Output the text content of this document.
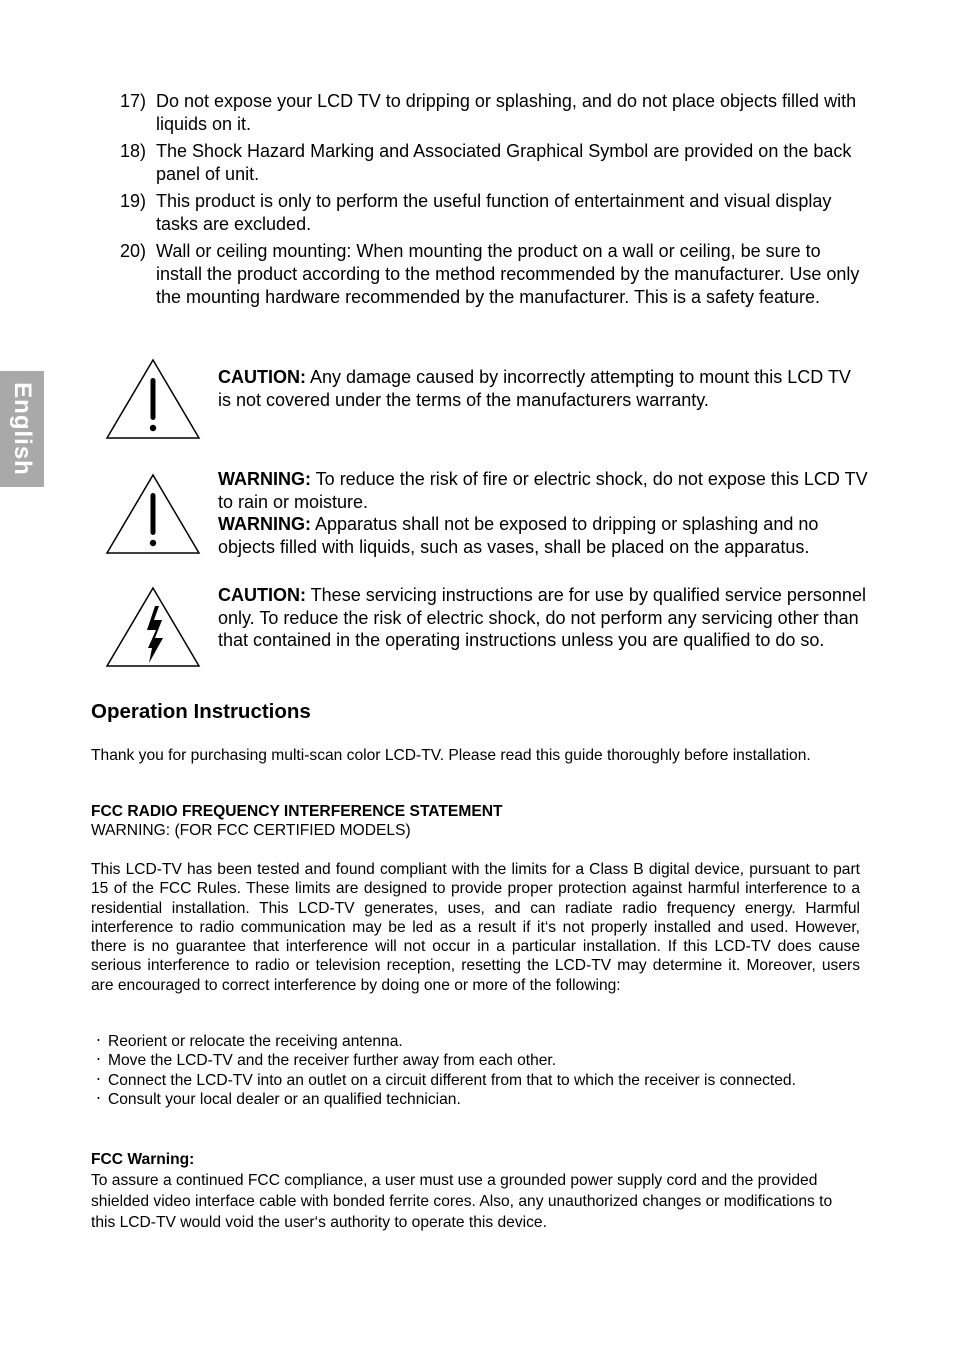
English
17) Do not expose your LCD TV to dripping or splashing, and do not place objects filled with liquids on it.
18) The Shock Hazard Marking and Associated Graphical Symbol are provided on the back panel of unit.
19) This product is only to perform the useful function of entertainment and visual display tasks are excluded.
20) Wall or ceiling mounting: When mounting the product on a wall or ceiling, be sure to install the product according to the method recommended by the manufacturer. Use only the mounting hardware recommended by the manufacturer. This is a safety feature.
CAUTION: Any damage caused by incorrectly attempting to mount this LCD TV is not covered under the terms of the manufacturers warranty.
WARNING: To reduce the risk of fire or electric shock, do not expose this LCD TV to rain or moisture.
WARNING: Apparatus shall not be exposed to dripping or splashing and no objects filled with liquids, such as vases, shall be placed on the apparatus.
CAUTION: These servicing instructions are for use by qualified service personnel only. To reduce the risk of electric shock, do not perform any servicing other than that contained in the operating instructions unless you are qualified to do so.
Operation Instructions

Thank you for purchasing multi-scan color LCD-TV. Please read this guide thoroughly before installation.

FCC RADIO FREQUENCY INTERFERENCE STATEMENT
WARNING: (FOR FCC CERTIFIED MODELS)

This LCD-TV has been tested and found compliant with the limits for a Class B digital device, pursuant to part 15 of the FCC Rules. These limits are designed to provide proper protection against harmful interference to a residential installation. This LCD-TV generates, uses, and can radiate radio frequency energy. Harmful interference to radio communication may be led as a result if it‘s not properly installed and used. However, there is no guarantee that interference will not occur in a particular installation. If this LCD-TV does cause serious interference to radio or television reception, resetting the LCD-TV may determine it. Moreover, users are encouraged to correct interference by doing one or more of the following:

‧ Reorient or relocate the receiving antenna.
‧ Move the LCD-TV and the receiver further away from each other.
‧ Connect the LCD-TV into an outlet on a circuit different from that to which the receiver is connected.
‧ Consult your local dealer or an qualified technician.
FCC Warning:
To assure a continued FCC compliance, a user must use a grounded power supply cord and the provided shielded video interface cable with bonded ferrite cores. Also, any unauthorized changes or modifications to this LCD-TV would void the user‘s authority to operate this device.
